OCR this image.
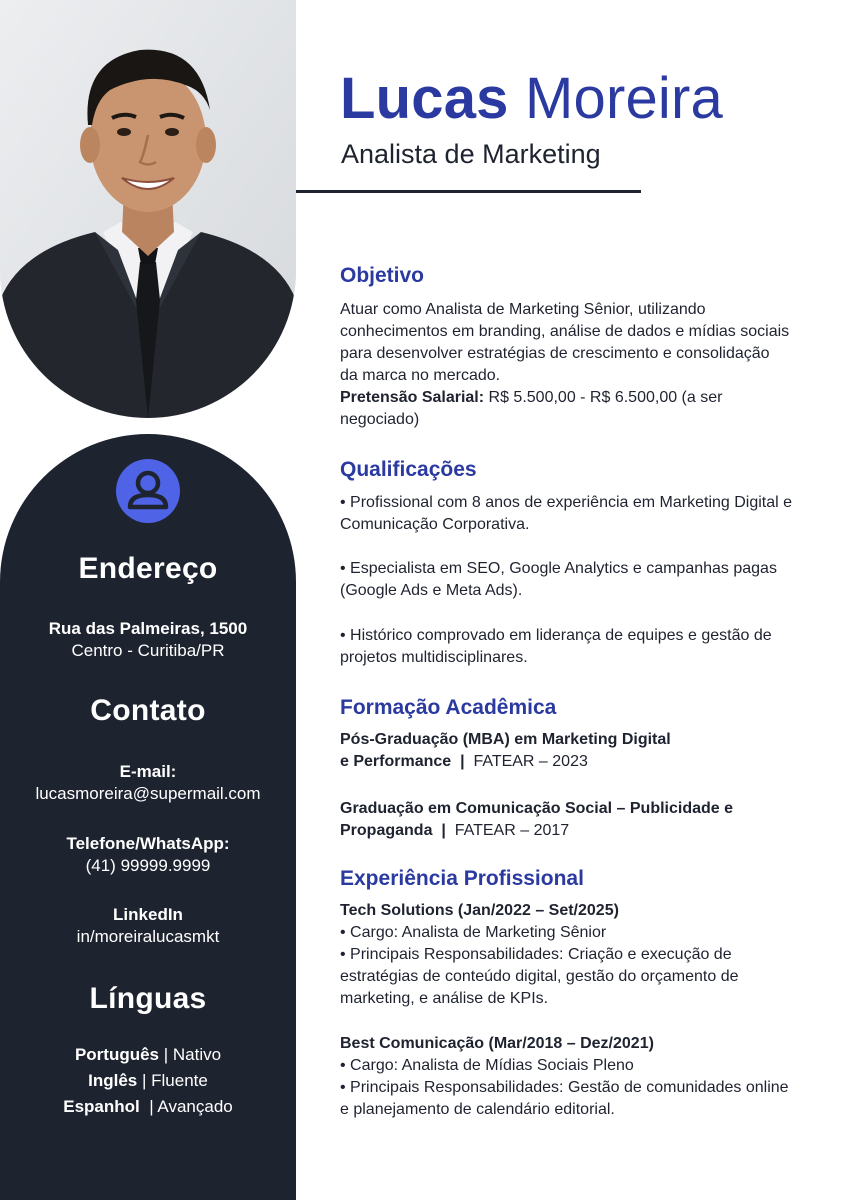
Endereço
Rua das Palmeiras, 1500
Centro - Curitiba/PR
Contato
E-mail:
lucasmoreira@supermail.com
Telefone/WhatsApp:
(41) 99999.9999
LinkedIn
in/moreiralucasmkt
Línguas
Português | Nativo
Inglês | Fluente
Espanhol  | Avançado
Lucas Moreira
Analista de Marketing
Objetivo

Atuar como Analista de Marketing Sênior, utilizando conhecimentos em branding, análise de dados e mídias sociais para desenvolver estratégias de crescimento e consolidação da marca no mercado.

Pretensão Salarial: R$ 5.500,00 - R$ 6.500,00 (a ser negociado)

Qualificações
• Profissional com 8 anos de experiência em Marketing Digital e Comunicação Corporativa.
• Especialista em SEO, Google Analytics e campanhas pagas (Google Ads e Meta Ads).
• Histórico comprovado em liderança de equipes e gestão de projetos multidisciplinares.
Formação Acadêmica

Pós-Graduação (MBA) em Marketing Digital

e Performance | FATEAR – 2023

Graduação em Comunicação Social – Publicidade e

Propaganda | FATEAR – 2017

Experiência Profissional

Tech Solutions (Jan/2022 – Set/2025)

• Cargo: Analista de Marketing Sênior

• Principais Responsabilidades: Criação e execução de estratégias de conteúdo digital, gestão do orçamento de marketing, e análise de KPIs.

Best Comunicação (Mar/2018 – Dez/2021)

• Cargo: Analista de Mídias Sociais Pleno

• Principais Responsabilidades: Gestão de comunidades online e planejamento de calendário editorial.
